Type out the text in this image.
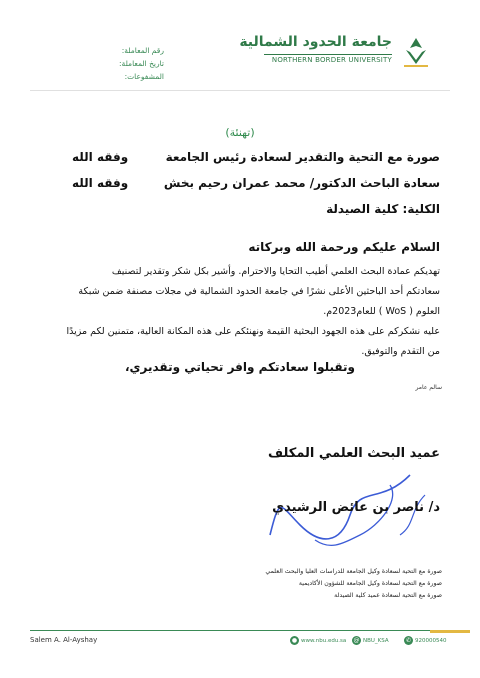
رقم المعاملة:
تاريخ المعاملة:
المشفوعات:
جامعة الحدود الشمالية
NORTHERN BORDER UNIVERSITY
(تهنئة)
صورة مع التحية والتقدير لسعادة رئيس الجامعة
وفقه الله
سعادة الباحث الدكتور/ محمد عمران رحيم بخش
وفقه الله
الكلية: كلية الصيدلة
السلام عليكم ورحمة الله وبركاته
تهديكم عمادة البحث العلمي أطيب التحايا والاحترام. وأشير بكل شكر وتقدير لتصنيف
سعادتكم أحد الباحثين الأعلى نشرًا في جامعة الحدود الشمالية في مجلات مصنفة ضمن شبكة
العلوم ( WoS ) للعام2023م.
عليه نشكركم على هذه الجهود البحثية القيمة ونهنئكم على هذه المكانة العالية، متمنين لكم مزيدًا
من التقدم والتوفيق.
وتقبلوا سعادتكم وافر تحياتي وتقديري،
سالم عامر
عميد البحث العلمي المكلف
د/ ناصر بن عائض الرشيدي
صورة مع التحية لسعادة وكيل الجامعة للدراسات العليا والبحث العلمي
صورة مع التحية لسعادة وكيل الجامعة للشؤون الأكاديمية
صورة مع التحية لسعادة عميد كلية الصيدلة
Salem A. Al-Ayshay	● www.nbu.edu.sa @ NBU_KSA	✆ 920000540
